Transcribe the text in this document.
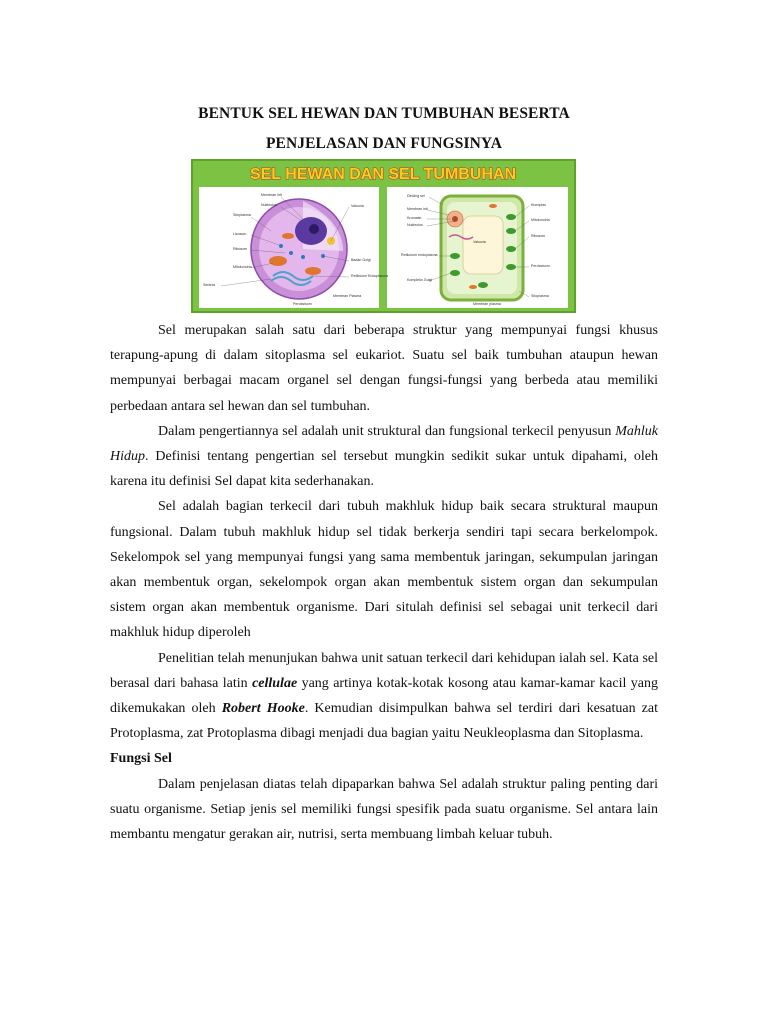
BENTUK SEL HEWAN DAN TUMBUHAN BESERTA
PENJELASAN DAN FUNGSINYA
SEL HEWAN DAN SEL TUMBUHAN
Membran Inti
Nukleolus
Sitoplasma
Lisosom
Ribosom
Mitokondria
Sentriol
Vakuola
Badan Golgi
Retikulum Endoplasma
Membran Plasma
Peroksisom
Dinding sel
Membran inti
Kromatin
Nukleolus
Vakuola
Kloroplas
Mitokondria
Ribosom
Retikulum endoplasma
Kompleks Golgi
Membran plasma
Sitoplasma
Peroksisom

Sel merupakan salah satu dari beberapa struktur yang mempunyai fungsi khusus terapung-apung di dalam sitoplasma sel eukariot. Suatu sel baik tumbuhan ataupun hewan mempunyai berbagai macam organel sel dengan fungsi-fungsi yang berbeda atau memiliki perbedaan antara sel hewan dan sel tumbuhan.

Dalam pengertiannya sel adalah unit struktural dan fungsional terkecil penyusun Mahluk Hidup. Definisi tentang pengertian sel tersebut mungkin sedikit sukar untuk dipahami, oleh karena itu definisi Sel dapat kita sederhanakan.

Sel adalah bagian terkecil dari tubuh makhluk hidup baik secara struktural maupun fungsional. Dalam tubuh makhluk hidup sel tidak berkerja sendiri tapi secara berkelompok. Sekelompok sel yang mempunyai fungsi yang sama membentuk jaringan, sekumpulan jaringan akan membentuk organ, sekelompok organ akan membentuk sistem organ dan sekumpulan sistem organ akan membentuk organisme. Dari situlah definisi sel sebagai unit terkecil dari makhluk hidup diperoleh

Penelitian telah menunjukan bahwa unit satuan terkecil dari kehidupan ialah sel. Kata sel berasal dari bahasa latin cellulae yang artinya kotak-kotak kosong atau kamar-kamar kacil yang dikemukakan oleh Robert Hooke. Kemudian disimpulkan bahwa sel terdiri dari kesatuan zat Protoplasma, zat Protoplasma dibagi menjadi dua bagian yaitu Neukleoplasma dan Sitoplasma.

Fungsi Sel

Dalam penjelasan diatas telah dipaparkan bahwa Sel adalah struktur paling penting dari suatu organisme. Setiap jenis sel memiliki fungsi spesifik pada suatu organisme. Sel antara lain membantu mengatur gerakan air, nutrisi, serta membuang limbah keluar tubuh.
